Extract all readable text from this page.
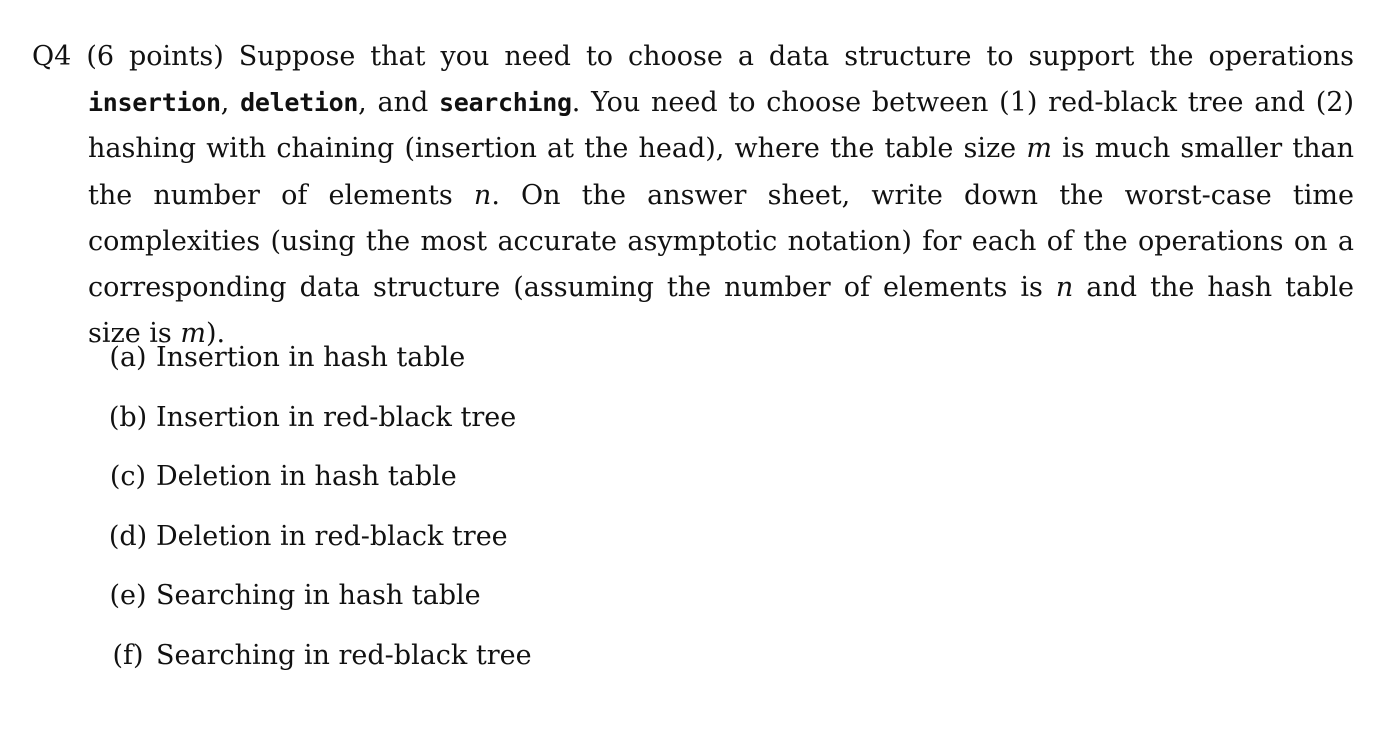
Q4 (6 points) Suppose that you need to choose a data structure to support the operations insertion, deletion, and searching. You need to choose between (1) red-black tree and (2) hashing with chaining (insertion at the head), where the table size m is much smaller than the number of elements n. On the answer sheet, write down the worst-case time complexities (using the most accurate asymptotic notation) for each of the operations on a corresponding data structure (assuming the number of elements is n and the hash table size is m).

(a) Insertion in hash table
(b) Insertion in red-black tree
(c) Deletion in hash table
(d) Deletion in red-black tree
(e) Searching in hash table
(f) Searching in red-black tree
